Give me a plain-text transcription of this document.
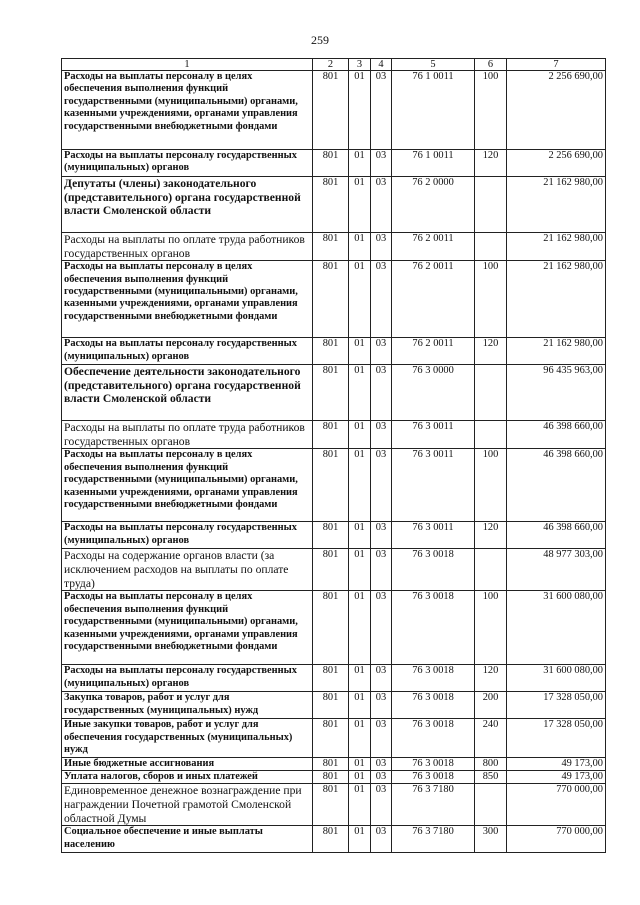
259
1	2	3	4	5	6	7
Расходы на выплаты персоналу в целях обеспечения выполнения функций государственными (муниципальными) органами, казенными учреждениями, органами управления государственными внебюджетными фондами	801	01	03	76 1 0011	100	2 256 690,00
Расходы на выплаты персоналу государственных (муниципальных) органов	801	01	03	76 1 0011	120	2 256 690,00
Депутаты (члены) законодательного (представительного) органа государственной власти Смоленской области	801	01	03	76 2 0000		21 162 980,00
Расходы на выплаты по оплате труда работников государственных органов	801	01	03	76 2 0011		21 162 980,00
Расходы на выплаты персоналу в целях обеспечения выполнения функций государственными (муниципальными) органами, казенными учреждениями, органами управления государственными внебюджетными фондами	801	01	03	76 2 0011	100	21 162 980,00
Расходы на выплаты персоналу государственных (муниципальных) органов	801	01	03	76 2 0011	120	21 162 980,00
Обеспечение деятельности законодательного (представительного) органа государственной власти Смоленской области	801	01	03	76 3 0000		96 435 963,00
Расходы на выплаты по оплате труда работников государственных органов	801	01	03	76 3 0011		46 398 660,00
Расходы на выплаты персоналу в целях обеспечения выполнения функций государственными (муниципальными) органами, казенными учреждениями, органами управления государственными внебюджетными фондами	801	01	03	76 3 0011	100	46 398 660,00
Расходы на выплаты персоналу государственных (муниципальных) органов	801	01	03	76 3 0011	120	46 398 660,00
Расходы на содержание органов власти (за исключением расходов на выплаты по оплате труда)	801	01	03	76 3 0018		48 977 303,00
Расходы на выплаты персоналу в целях обеспечения выполнения функций государственными (муниципальными) органами, казенными учреждениями, органами управления государственными внебюджетными фондами	801	01	03	76 3 0018	100	31 600 080,00
Расходы на выплаты персоналу государственных (муниципальных) органов	801	01	03	76 3 0018	120	31 600 080,00
Закупка товаров, работ и услуг для государственных (муниципальных) нужд	801	01	03	76 3 0018	200	17 328 050,00
Иные закупки товаров, работ и услуг для обеспечения государственных (муниципальных) нужд	801	01	03	76 3 0018	240	17 328 050,00
Иные бюджетные ассигнования	801	01	03	76 3 0018	800	49 173,00
Уплата налогов, сборов и иных платежей	801	01	03	76 3 0018	850	49 173,00
Единовременное денежное вознаграждение при награждении Почетной грамотой Смоленской областной Думы	801	01	03	76 3 7180		770 000,00
Социальное обеспечение и иные выплаты населению	801	01	03	76 3 7180	300	770 000,00
